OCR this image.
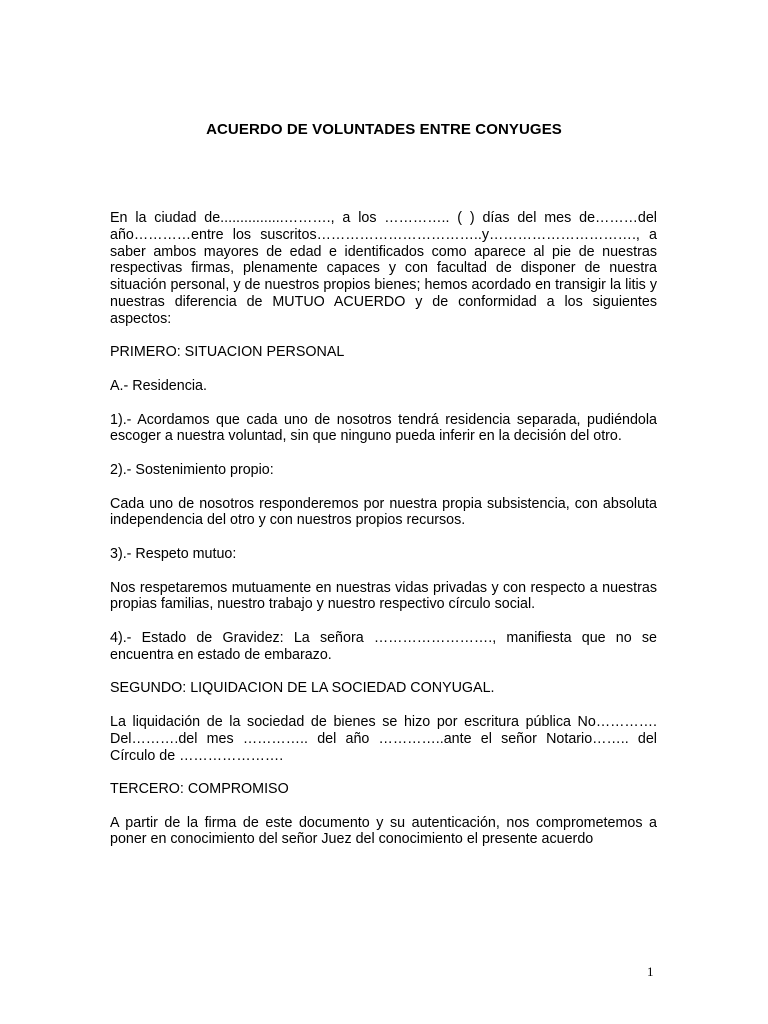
ACUERDO DE VOLUNTADES ENTRE CONYUGES

En la ciudad de................………., a los ………….. ( ) días del mes de………del año…………entre los suscritos……………………………..y…………………………., a saber ambos mayores de edad e identificados como aparece al pie de nuestras respectivas firmas, plenamente capaces y con facultad de disponer de nuestra situación personal, y de nuestros propios bienes; hemos acordado en transigir la litis y nuestras diferencia de MUTUO ACUERDO y de conformidad a los siguientes aspectos:

PRIMERO: SITUACION PERSONAL

A.- Residencia.

1).- Acordamos que cada uno de nosotros tendrá residencia separada, pudiéndola escoger a nuestra voluntad, sin que ninguno pueda inferir en la decisión del otro.

2).- Sostenimiento propio:

Cada uno de nosotros responderemos por nuestra propia subsistencia, con absoluta independencia del otro y con nuestros propios recursos.

3).- Respeto mutuo:

Nos respetaremos mutuamente en nuestras vidas privadas y con respecto a nuestras propias familias, nuestro trabajo y nuestro respectivo círculo social.

4).- Estado de Gravidez: La señora ……………………., manifiesta que no se encuentra en estado de embarazo.

SEGUNDO: LIQUIDACION DE LA SOCIEDAD CONYUGAL.

La liquidación de la sociedad de bienes se hizo por escritura pública No…………. Del……….del mes ………….. del año …………..ante el señor Notario…….. del Círculo de ………………….

TERCERO: COMPROMISO

A partir de la firma de este documento y su autenticación, nos comprometemos a poner en conocimiento del señor Juez del conocimiento el presente acuerdo

1
